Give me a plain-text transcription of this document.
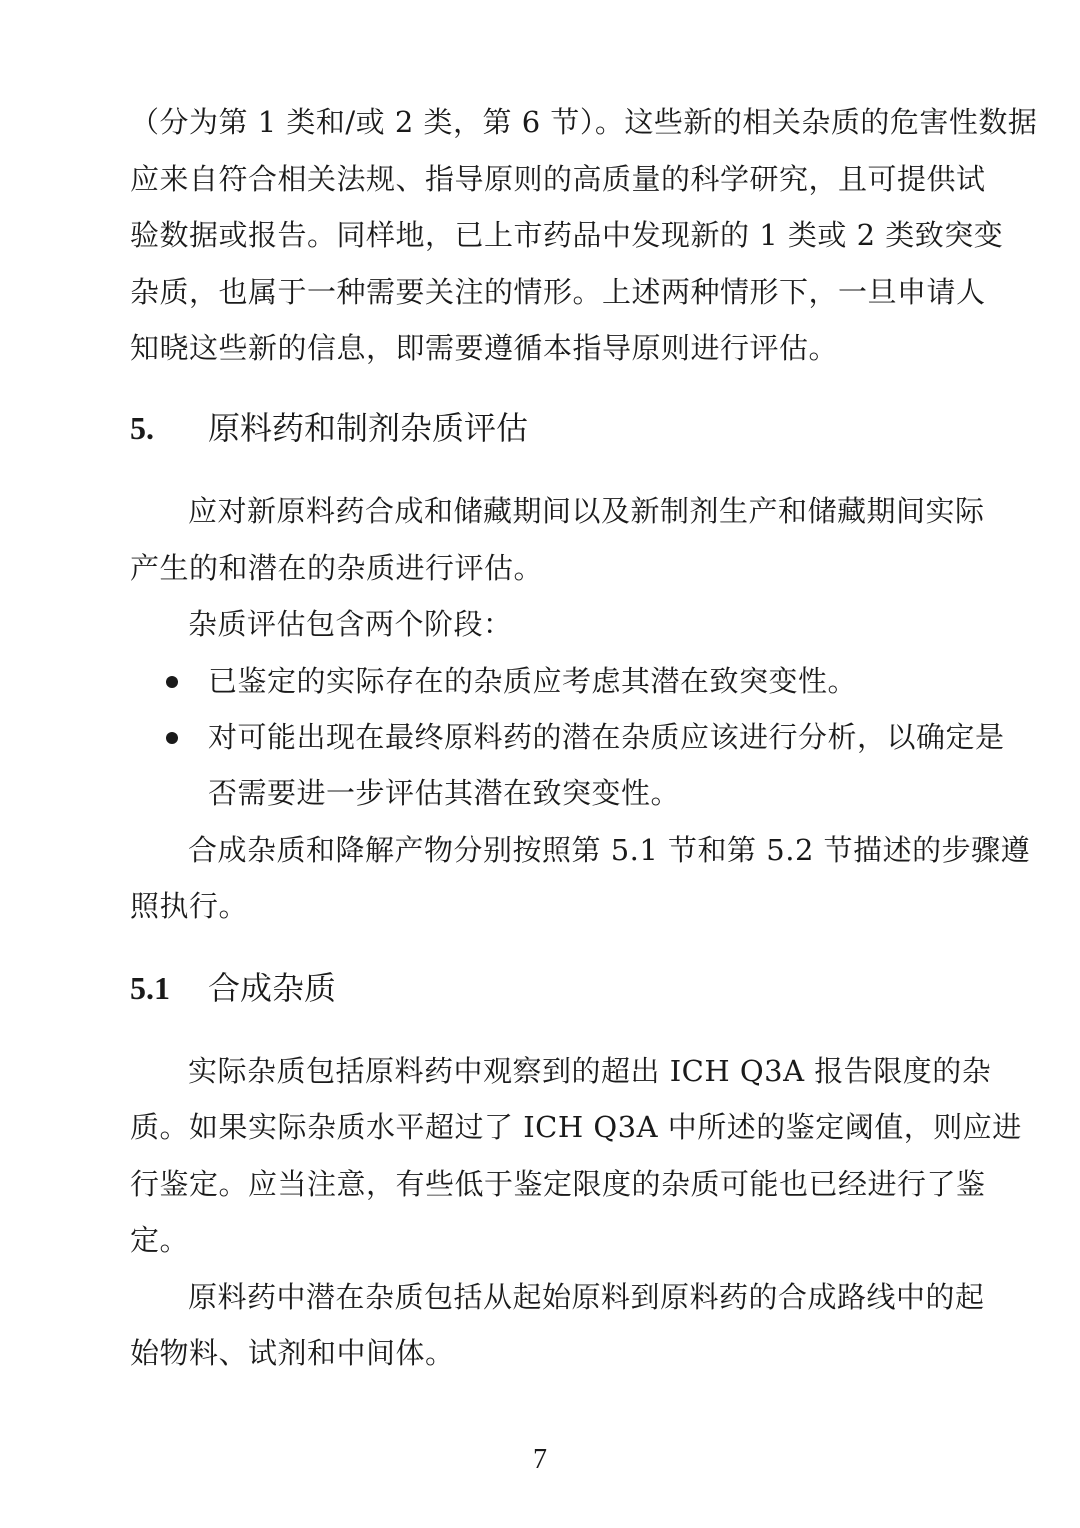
（分为第 1 类和/或 2 类，第 6 节）。这些新的相关杂质的危害性数据
应来自符合相关法规、指导原则的高质量的科学研究，且可提供试
验数据或报告。同样地，已上市药品中发现新的 1 类或 2 类致突变
杂质，也属于一种需要关注的情形。上述两种情形下，一旦申请人
知晓这些新的信息，即需要遵循本指导原则进行评估。
5. 原料药和制剂杂质评估
应对新原料药合成和储藏期间以及新制剂生产和储藏期间实际
产生的和潜在的杂质进行评估。
杂质评估包含两个阶段：
已鉴定的实际存在的杂质应考虑其潜在致突变性。
对可能出现在最终原料药的潜在杂质应该进行分析，以确定是
否需要进一步评估其潜在致突变性。
合成杂质和降解产物分别按照第 5.1 节和第 5.2 节描述的步骤遵
照执行。
5.1 合成杂质
实际杂质包括原料药中观察到的超出 ICH Q3A 报告限度的杂
质。如果实际杂质水平超过了 ICH Q3A 中所述的鉴定阈值，则应进
行鉴定。应当注意，有些低于鉴定限度的杂质可能也已经进行了鉴
定。
原料药中潜在杂质包括从起始原料到原料药的合成路线中的起
始物料、试剂和中间体。
7
